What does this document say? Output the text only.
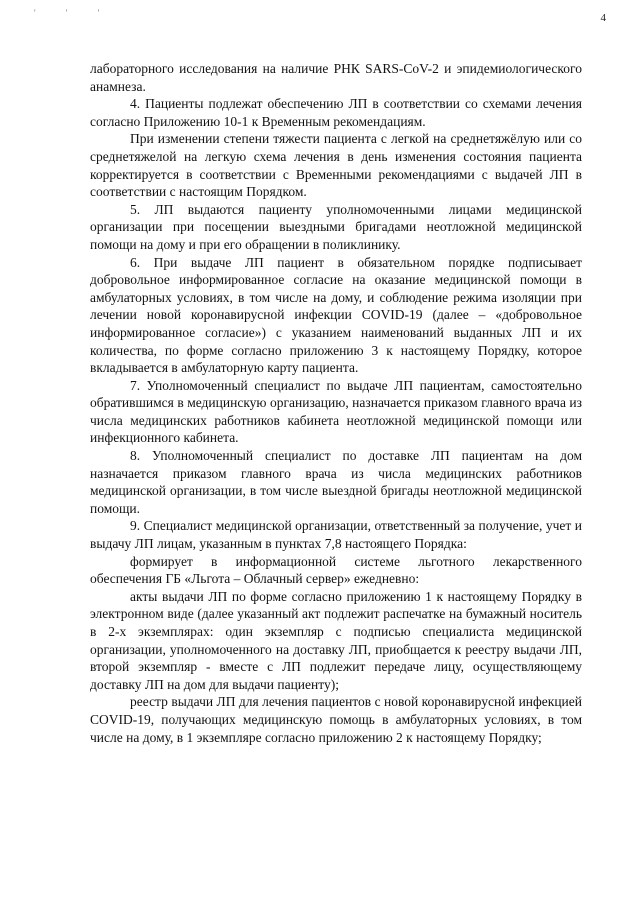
' ' '	4

лабораторного исследования на наличие РНК SARS-CoV-2 и эпидемиологического анамнеза.

4. Пациенты подлежат обеспечению ЛП в соответствии со схемами лечения согласно Приложению 10-1 к Временным рекомендациям.

При изменении степени тяжести пациента с легкой на среднетяжёлую или со среднетяжелой на легкую схема лечения в день изменения состояния пациента корректируется в соответствии с Временными рекомендациями с выдачей ЛП в соответствии с настоящим Порядком.

5. ЛП выдаются пациенту уполномоченными лицами медицинской организации при посещении выездными бригадами неотложной медицинской помощи на дому и при его обращении в поликлинику.

6. При выдаче ЛП пациент в обязательном порядке подписывает добровольное информированное согласие на оказание медицинской помощи в амбулаторных условиях, в том числе на дому, и соблюдение режима изоляции при лечении новой коронавирусной инфекции COVID-19 (далее – «добровольное информированное согласие») с указанием наименований выданных ЛП и их количества, по форме согласно приложению 3 к настоящему Порядку, которое вкладывается в амбулаторную карту пациента.

7. Уполномоченный специалист по выдаче ЛП пациентам, самостоятельно обратившимся в медицинскую организацию, назначается приказом главного врача из числа медицинских работников кабинета неотложной медицинской помощи или инфекционного кабинета.

8. Уполномоченный специалист по доставке ЛП пациентам на дом назначается приказом главного врача из числа медицинских работников медицинской организации, в том числе выездной бригады неотложной медицинской помощи.

9. Специалист медицинской организации, ответственный за получение, учет и выдачу ЛП лицам, указанным в пунктах 7,8 настоящего Порядка:

формирует в информационной системе льготного лекарственного обеспечения ГБ «Льгота – Облачный сервер» ежедневно:

акты выдачи ЛП по форме согласно приложению 1 к настоящему Порядку в электронном виде (далее указанный акт подлежит распечатке на бумажный носитель в 2-х экземплярах: один экземпляр с подписью специалиста медицинской организации, уполномоченного на доставку ЛП, приобщается к реестру выдачи ЛП, второй экземпляр - вместе с ЛП подлежит передаче лицу, осуществляющему доставку ЛП на дом для выдачи пациенту);

реестр выдачи ЛП для лечения пациентов с новой коронавирусной инфекцией COVID-19, получающих медицинскую помощь в амбулаторных условиях, в том числе на дому, в 1 экземпляре согласно приложению 2 к настоящему Порядку;
